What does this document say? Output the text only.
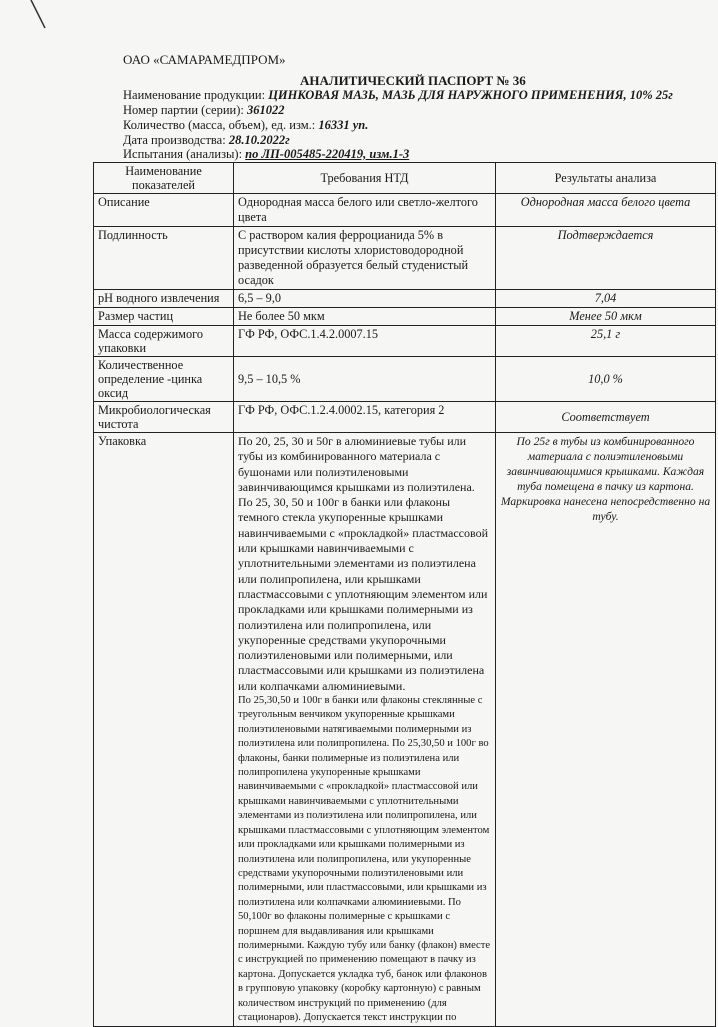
ОАО «САМАРАМЕДПРОМ»
АНАЛИТИЧЕСКИЙ ПАСПОРТ № 36
Наименование продукции: ЦИНКОВАЯ МАЗЬ, МАЗЬ ДЛЯ НАРУЖНОГО ПРИМЕНЕНИЯ, 10% 25г
Номер партии (серии): 361022
Количество (масса, объем), ед. изм.: 16331 уп.
Дата производства: 28.10.2022г
Испытания (анализы): по ЛП-005485-220419, изм.1-3
Наименование показателей	Требования НТД	Результаты анализа
Описание	Однородная масса белого или светло-желтого цвета	Однородная масса белого цвета
Подлинность	С раствором калия ферроцианида 5% в присутствии кислоты хлористоводородной разведенной образуется белый студенистый осадок	Подтверждается
pH водного извлечения	6,5 – 9,0	7,04
Размер частиц	Не более 50 мкм	Менее 50 мкм
Масса содержимого упаковки	ГФ РФ, ОФС.1.4.2.0007.15	25,1 г
Количественное определение -цинка оксид	9,5 – 10,5 %	10,0 %
Микробиологическая чистота	ГФ РФ, ОФС.1.2.4.0002.15, категория 2	Соответствует
Упаковка	По 20, 25, 30 и 50г в алюминиевые тубы или тубы из комбинированного материала с бушонами или полиэтиленовыми завинчивающимся крышками из полиэтилена. По 25, 30, 50 и 100г в банки или флаконы темного стекла укупоренные крышками навинчиваемыми с «прокладкой» пластмассовой или крышками навинчиваемыми с уплотнительными элементами из полиэтилена или полипропилена, или крышками пластмассовыми с уплотняющим элементом или прокладками или крышками полимерными из полиэтилена или полипропилена, или укупоренные средствами укупорочными полиэтиленовыми или полимерными, или пластмассовыми или крышками из полиэтилена или колпачками алюминиевыми.
По 25,30,50 и 100г в банки или флаконы стеклянные с треугольным венчиком укупоренные крышками полиэтиленовыми натягиваемыми полимерными из полиэтилена или полипропилена. По 25,30,50 и 100г во флаконы, банки полимерные из полиэтилена или полипропилена укупоренные крышками навинчиваемыми с «прокладкой» пластмассовой или крышками навинчиваемыми с уплотнительными элементами из полиэтилена или полипропилена, или крышками пластмассовыми с уплотняющим элементом или прокладками или крышками полимерными из полиэтилена или полипропилена, или укупоренные средствами укупорочными полиэтиленовыми или полимерными, или пластмассовыми, или крышками из полиэтилена или колпачками алюминиевыми. По 50,100г во флаконы полимерные с крышками с поршнем для выдавливания или крышками полимерными. Каждую тубу или банку (флакон) вместе с инструкцией по применению помещают в пачку из картона. Допускается укладка туб, банок или флаконов в групповую упаковку (коробку картонную) с равным количеством инструкций по применению (для стационаров). Допускается текст инструкции по	По 25г в тубы из комбинированного материала с полиэтиленовыми завинчивающимися крышками. Каждая туба помещена в пачку из картона. Маркировка нанесена непосредственно на тубу.
